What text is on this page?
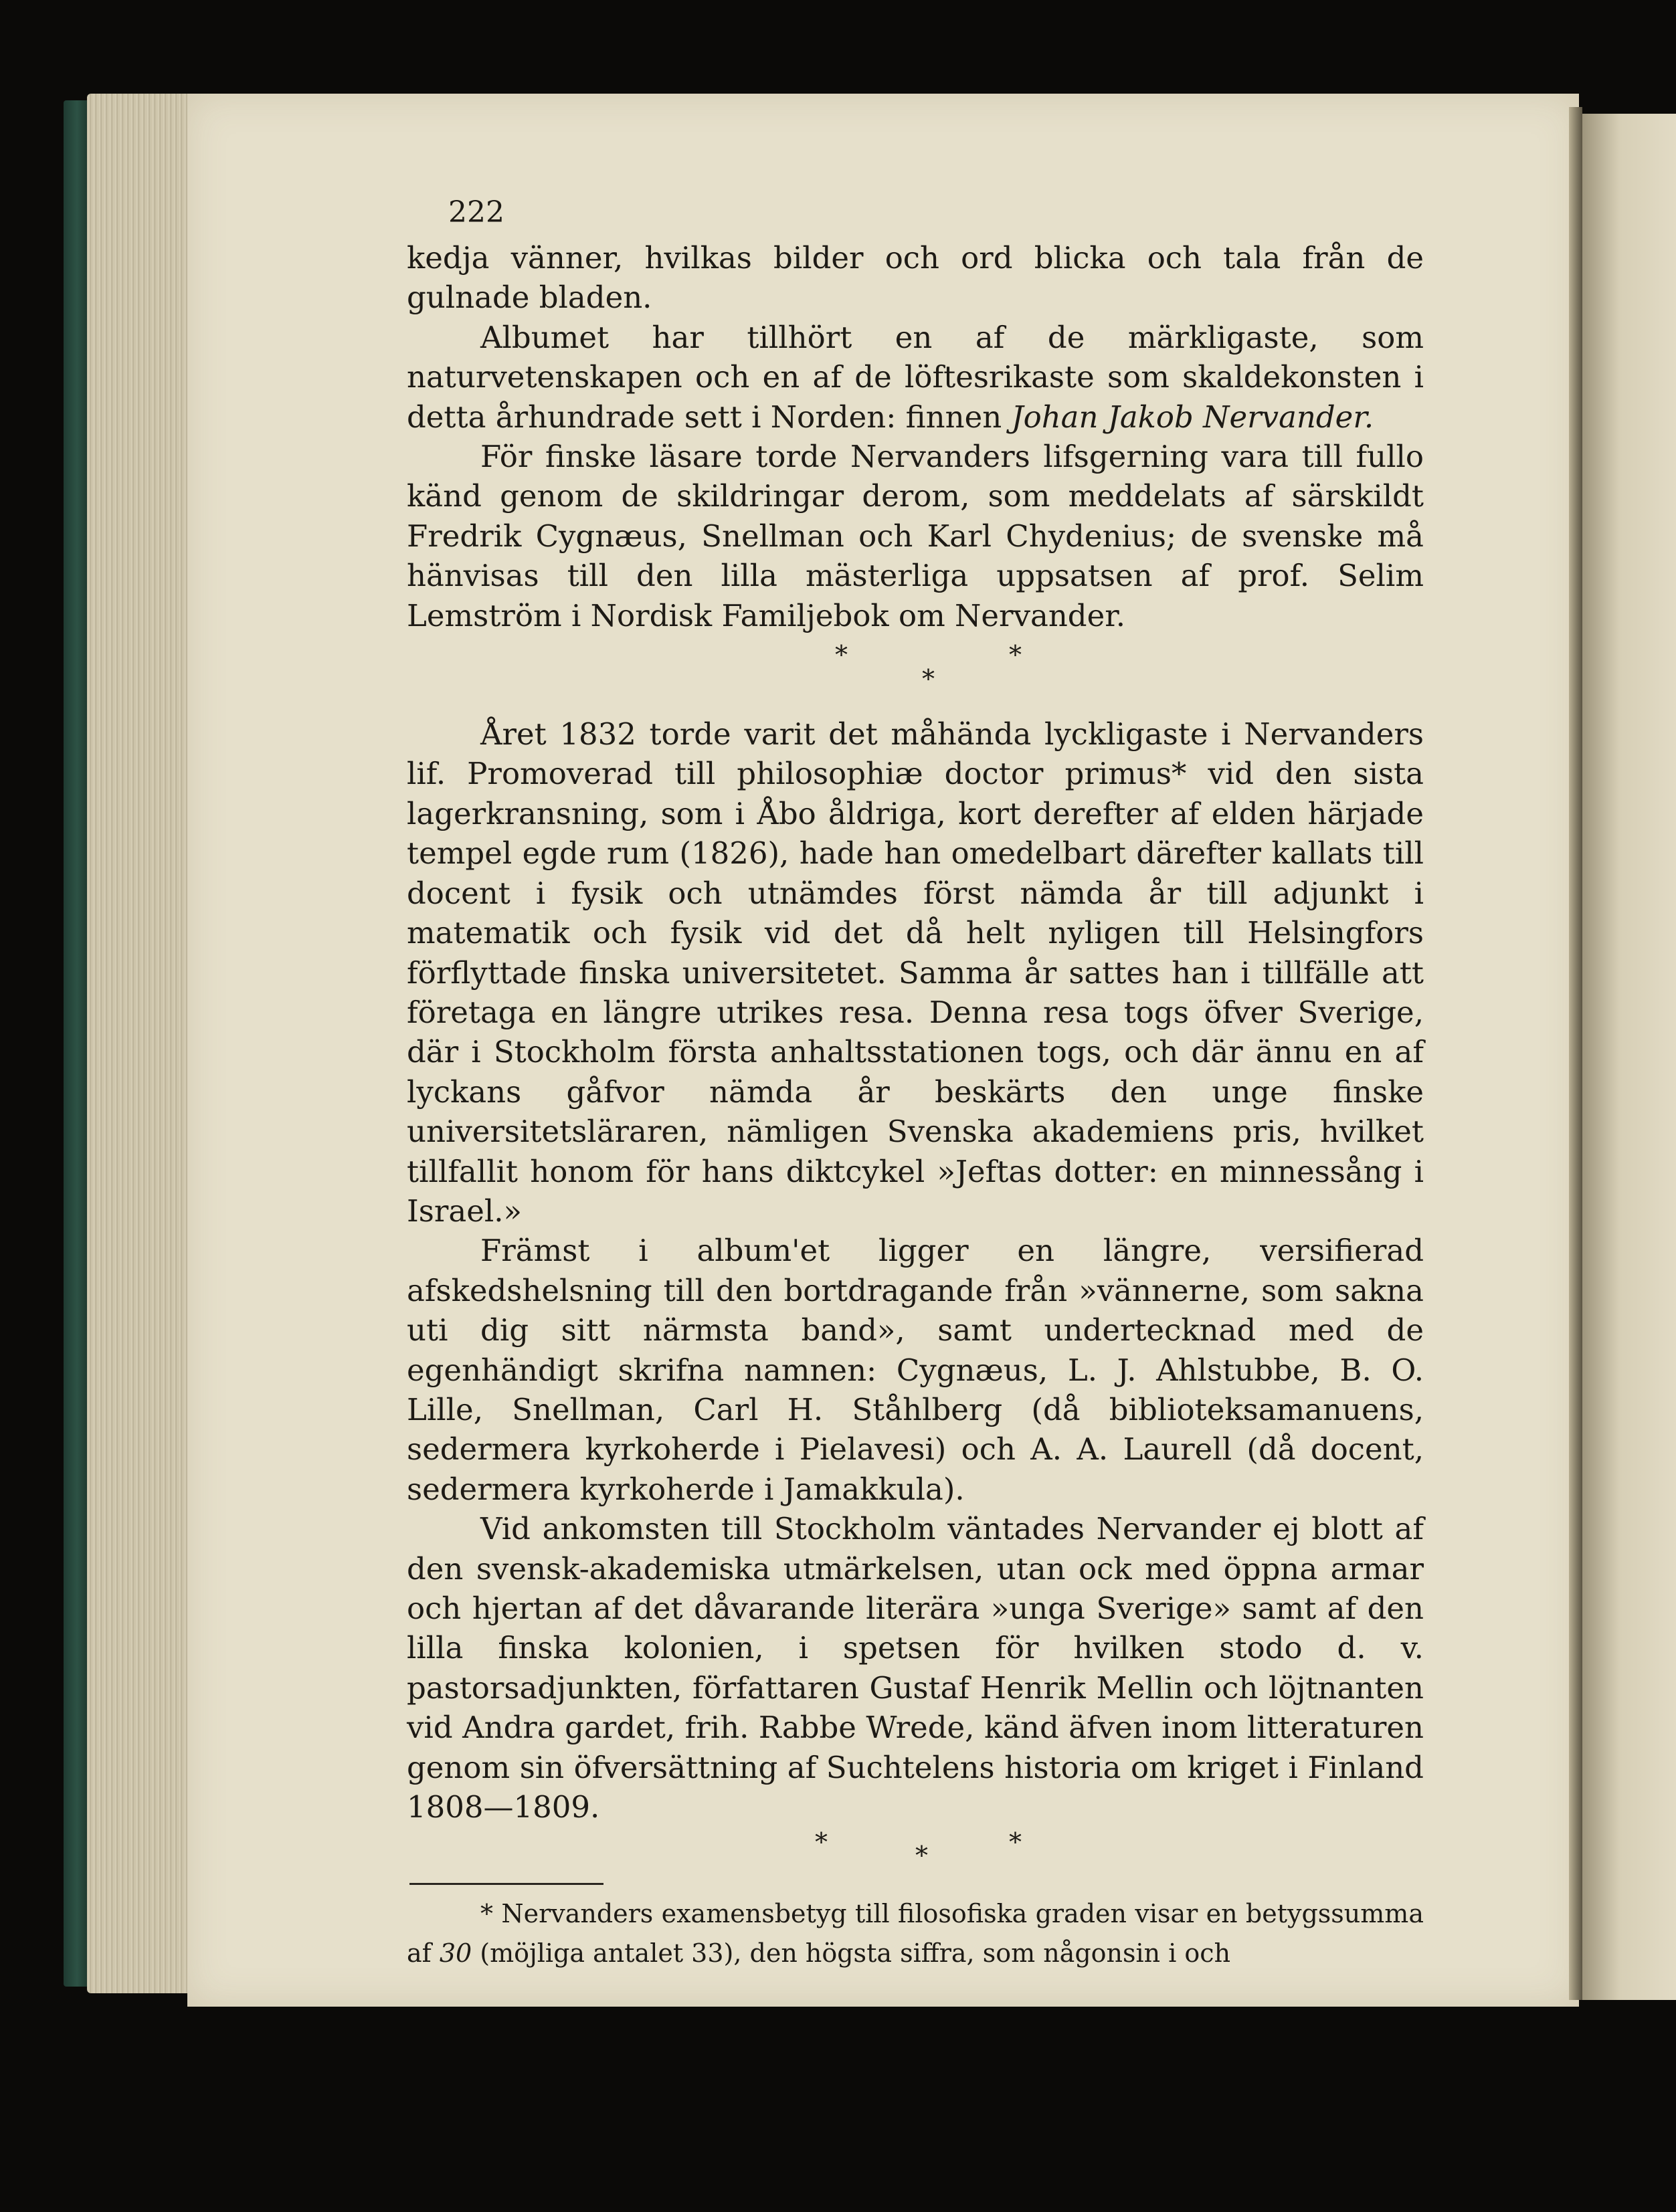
222

kedja vänner, hvilkas bilder och ord blicka och tala från de gulnade bladen.

Albumet har tillhört en af de märkligaste, som naturvetenskapen och en af de löftesrikaste som skaldekonsten i detta århundrade sett i Norden: finnen Johan Jakob Nervander.

För finske läsare torde Nervanders lifsgerning vara till fullo känd genom de skildringar derom, som meddelats af särskildt Fredrik Cygnæus, Snellman och Karl Chydenius; de svenske må hänvisas till den lilla mästerliga uppsatsen af prof. Selim Lemström i Nordisk Familjebok om Nervander.

*	*
*

Året 1832 torde varit det måhända lyckligaste i Nervanders lif. Promoverad till philosophiæ doctor primus* vid den sista lagerkransning, som i Åbo åldriga, kort derefter af elden härjade tempel egde rum (1826), hade han omedelbart därefter kallats till docent i fysik och utnämdes först nämda år till adjunkt i matematik och fysik vid det då helt nyligen till Helsingfors förflyttade finska universitetet. Samma år sattes han i tillfälle att företaga en längre utrikes resa. Denna resa togs öfver Sverige, där i Stockholm första anhaltsstationen togs, och där ännu en af lyckans gåfvor nämda år beskärts den unge finske universitetsläraren, nämligen Svenska akademiens pris, hvilket tillfallit honom för hans diktcykel »Jeftas dotter: en minnessång i Israel.»

Främst i album'et ligger en längre, versifierad afskedshelsning till den bortdragande från »vännerne, som sakna uti dig sitt närmsta band», samt undertecknad med de egenhändigt skrifna namnen: Cygnæus, L. J. Ahlstubbe, B. O. Lille, Snellman, Carl H. Ståhlberg (då biblioteksamanuens, sedermera kyrkoherde i Pielavesi) och A. A. Laurell (då docent, sedermera kyrkoherde i Jamakkula).

Vid ankomsten till Stockholm väntades Nervander ej blott af den svensk-akademiska utmärkelsen, utan ock med öppna armar och hjertan af det dåvarande literära »unga Sverige» samt af den lilla finska kolonien, i spetsen för hvilken stodo d. v. pastorsadjunkten, författaren Gustaf Henrik Mellin och löjtnanten vid Andra gardet, frih. Rabbe Wrede, känd äfven inom litteraturen genom sin öfversättning af Suchtelens historia om kriget i Finland 1808—1809.

*	*
*

* Nervanders examensbetyg till filosofiska graden visar en betygssumma af 30 (möjliga antalet 33), den högsta siffra, som någonsin i och
